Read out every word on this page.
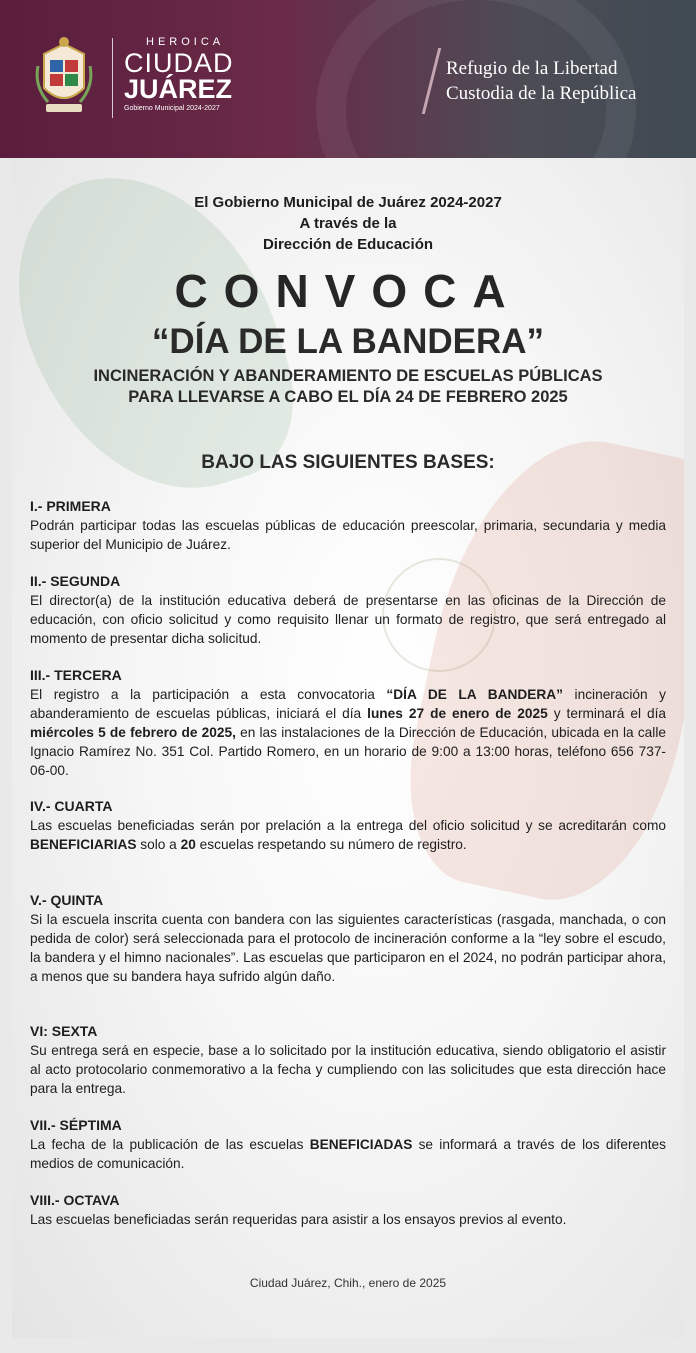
HEROICA
CIUDAD
JUÁREZ
Gobierno Municipal 2024-2027
Refugio de la Libertad
Custodia de la República
El Gobierno Municipal de Juárez 2024-2027
A través de la
Dirección de Educación
CONVOCA
“DÍA DE LA BANDERA”
INCINERACIÓN Y ABANDERAMIENTO DE ESCUELAS PÚBLICAS
PARA LLEVARSE A CABO EL DÍA 24 DE FEBRERO 2025
BAJO LAS SIGUIENTES BASES:
I.- PRIMERA
Podrán participar todas las escuelas públicas de educación preescolar, primaria, secundaria y media superior del Municipio de Juárez.
II.- SEGUNDA
El director(a) de la institución educativa deberá de presentarse en las oficinas de la Dirección de educación, con oficio solicitud y como requisito llenar un formato de registro, que será entregado al momento de presentar dicha solicitud.
III.- TERCERA
El registro a la participación a esta convocatoria “DÍA DE LA BANDERA” incineración y abanderamiento de escuelas públicas, iniciará el día lunes 27 de enero de 2025 y terminará el día miércoles 5 de febrero de 2025, en las instalaciones de la Dirección de Educación, ubicada en la calle Ignacio Ramírez No. 351 Col. Partido Romero, en un horario de 9:00 a 13:00 horas, teléfono 656 737-06-00.
IV.- CUARTA
Las escuelas beneficiadas serán por prelación a la entrega del oficio solicitud y se acreditarán como BENEFICIARIAS solo a 20 escuelas respetando su número de registro.
V.- QUINTA
Si la escuela inscrita cuenta con bandera con las siguientes características (rasgada, manchada, o con pedida de color) será seleccionada para el protocolo de incineración conforme a la “ley sobre el escudo, la bandera y el himno nacionales”. Las escuelas que participaron en el 2024, no podrán participar ahora, a menos que su bandera haya sufrido algún daño.
VI: SEXTA
Su entrega será en especie, base a lo solicitado por la institución educativa, siendo obligatorio el asistir al acto protocolario conmemorativo a la fecha y cumpliendo con las solicitudes que esta dirección hace para la entrega.
VII.- SÉPTIMA
La fecha de la publicación de las escuelas BENEFICIADAS se informará a través de los diferentes medios de comunicación.
VIII.- OCTAVA
Las escuelas beneficiadas serán requeridas para asistir a los ensayos previos al evento.
Ciudad Juárez, Chih., enero de 2025
